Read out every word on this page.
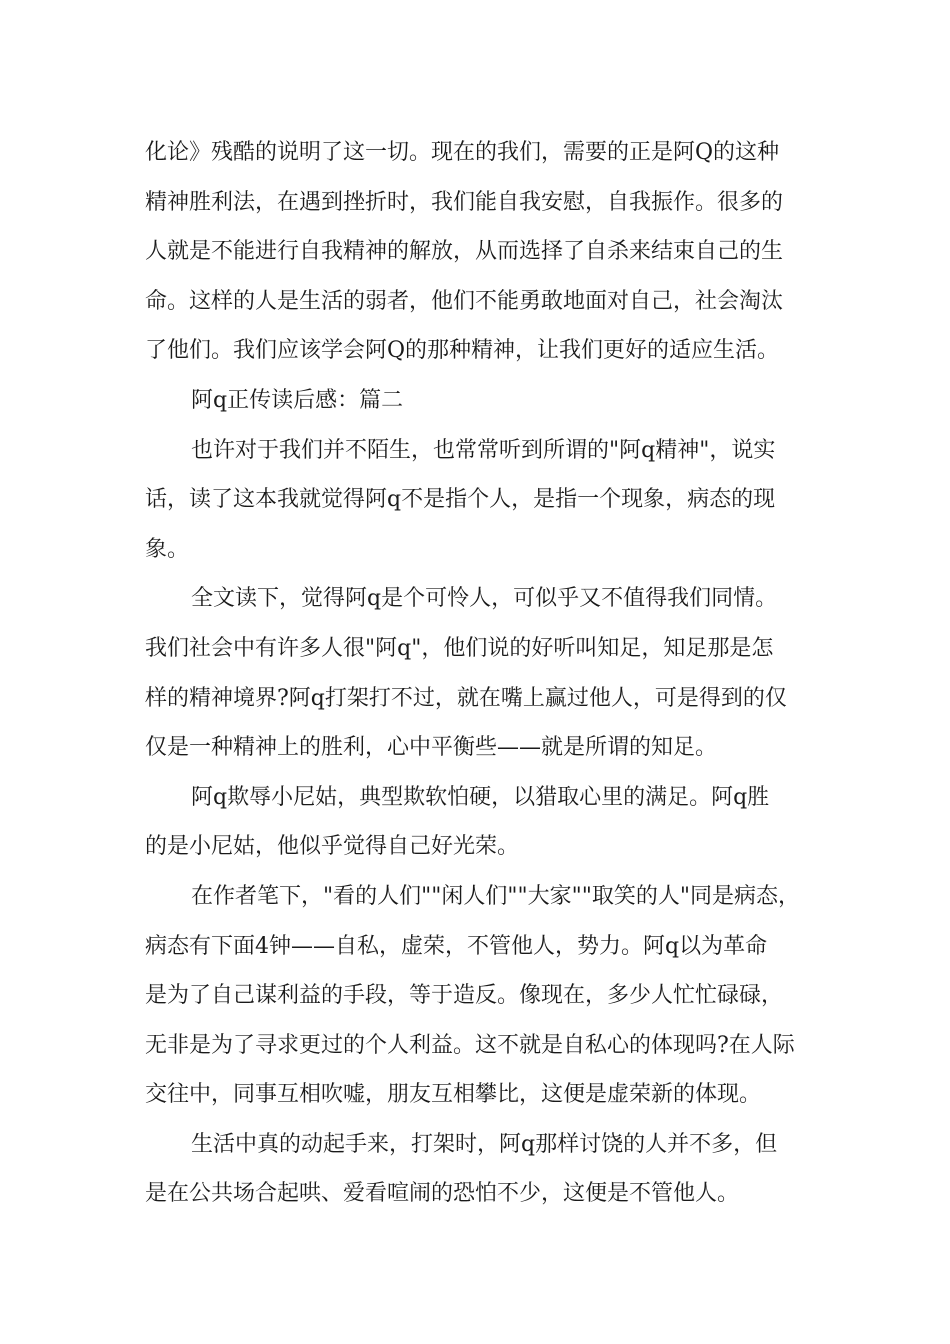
化论》残酷的说明了这一切。现在的我们，需要的正是阿Q的这种
精神胜利法，在遇到挫折时，我们能自我安慰，自我振作。很多的
人就是不能进行自我精神的解放，从而选择了自杀来结束自己的生
命。这样的人是生活的弱者，他们不能勇敢地面对自己，社会淘汰
了他们。我们应该学会阿Q的那种精神，让我们更好的适应生活。
阿q正传读后感：篇二
也许对于我们并不陌生，也常常听到所谓的"阿q精神"，说实
话，读了这本我就觉得阿q不是指个人，是指一个现象，病态的现
象。
全文读下，觉得阿q是个可怜人，可似乎又不值得我们同情。
我们社会中有许多人很"阿q"，他们说的好听叫知足，知足那是怎
样的精神境界?阿q打架打不过，就在嘴上赢过他人，可是得到的仅
仅是一种精神上的胜利，心中平衡些——就是所谓的知足。
阿q欺辱小尼姑，典型欺软怕硬，以猎取心里的满足。阿q胜
的是小尼姑，他似乎觉得自己好光荣。
在作者笔下，"看的人们""闲人们""大家""取笑的人"同是病态，
病态有下面4钟——自私，虚荣，不管他人，势力。阿q以为革命
是为了自己谋利益的手段，等于造反。像现在，多少人忙忙碌碌，
无非是为了寻求更过的个人利益。这不就是自私心的体现吗?在人际
交往中，同事互相吹嘘，朋友互相攀比，这便是虚荣新的体现。
生活中真的动起手来，打架时，阿q那样讨饶的人并不多，但
是在公共场合起哄、爱看喧闹的恐怕不少，这便是不管他人。
